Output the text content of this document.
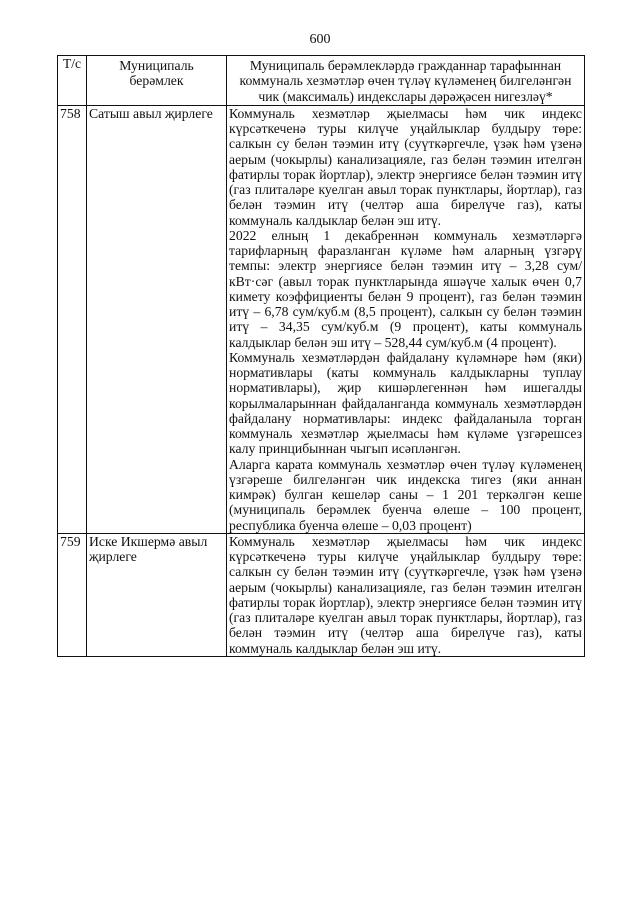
600
Т/с	Муниципаль берәмлек	Муниципаль берәмлекләрдә гражданнар тарафыннан коммуналь хезмәтләр өчен түләү күләменең билгеләнгән чик (максималь) индекслары дәрәҗәсен нигезләү*

758	Сатыш авыл җирлеге	Коммуналь хезмәтләр җыелмасы һәм чик индекс күрсәткеченә туры килүче уңайлыклар булдыру төре: салкын су белән тәэмин итү (суүткәргечле, үзәк һәм үзенә аерым (чокырлы) канализацияле, газ белән тәэмин ителгән фатирлы торак йортлар), электр энергиясе белән тәэмин итү (газ плиталәре куелган авыл торак пунктлары, йортлар), газ белән тәэмин итү (челтәр аша бирелүче газ), каты коммуналь калдыклар белән эш итү.

2022 елның 1 декабреннән коммуналь хезмәтләргә тарифларның фаразланган күләме һәм аларның үзгәрү темпы: электр энергиясе белән тәэмин итү – 3,28 сум/кВт·сәг (авыл торак пунктларында яшәүче халык өчен 0,7 кимету коэффициенты белән 9 процент), газ белән тәэмин итү – 6,78 сум/куб.м (8,5 процент), салкын су белән тәэмин итү – 34,35 сум/куб.м (9 процент), каты коммуналь калдыклар белән эш итү – 528,44 сум/куб.м (4 процент).

Коммуналь хезмәтләрдән файдалану күләмнәре һәм (яки) нормативлары (каты коммуналь калдыкларны туплау нормативлары), җир кишәрлегеннән һәм ишегалды корылмаларыннан файдаланганда коммуналь хезмәтләрдән файдалану нормативлары: индекс файдаланыла торган коммуналь хезмәтләр җыелмасы һәм күләме үзгәрешсез калу принцибыннан чыгып исәпләнгән.

Аларга карата коммуналь хезмәтләр өчен түләү күләменең үзгәреше билгеләнгән чик индекска тигез (яки аннан кимрәк) булган кешеләр саны – 1 201 теркәлгән кеше (муниципаль берәмлек буенча өлеше – 100 процент, республика буенча өлеше – 0,03 процент)

759	Иске Икшермә авыл җирлеге	Коммуналь хезмәтләр җыелмасы һәм чик индекс күрсәткеченә туры килүче уңайлыклар булдыру төре: салкын су белән тәэмин итү (суүткәргечле, үзәк һәм үзенә аерым (чокырлы) канализацияле, газ белән тәэмин ителгән фатирлы торак йортлар), электр энергиясе белән тәэмин итү (газ плиталәре куелган авыл торак пунктлары, йортлар), газ белән тәэмин итү (челтәр аша бирелүче газ), каты коммуналь калдыклар белән эш итү.
